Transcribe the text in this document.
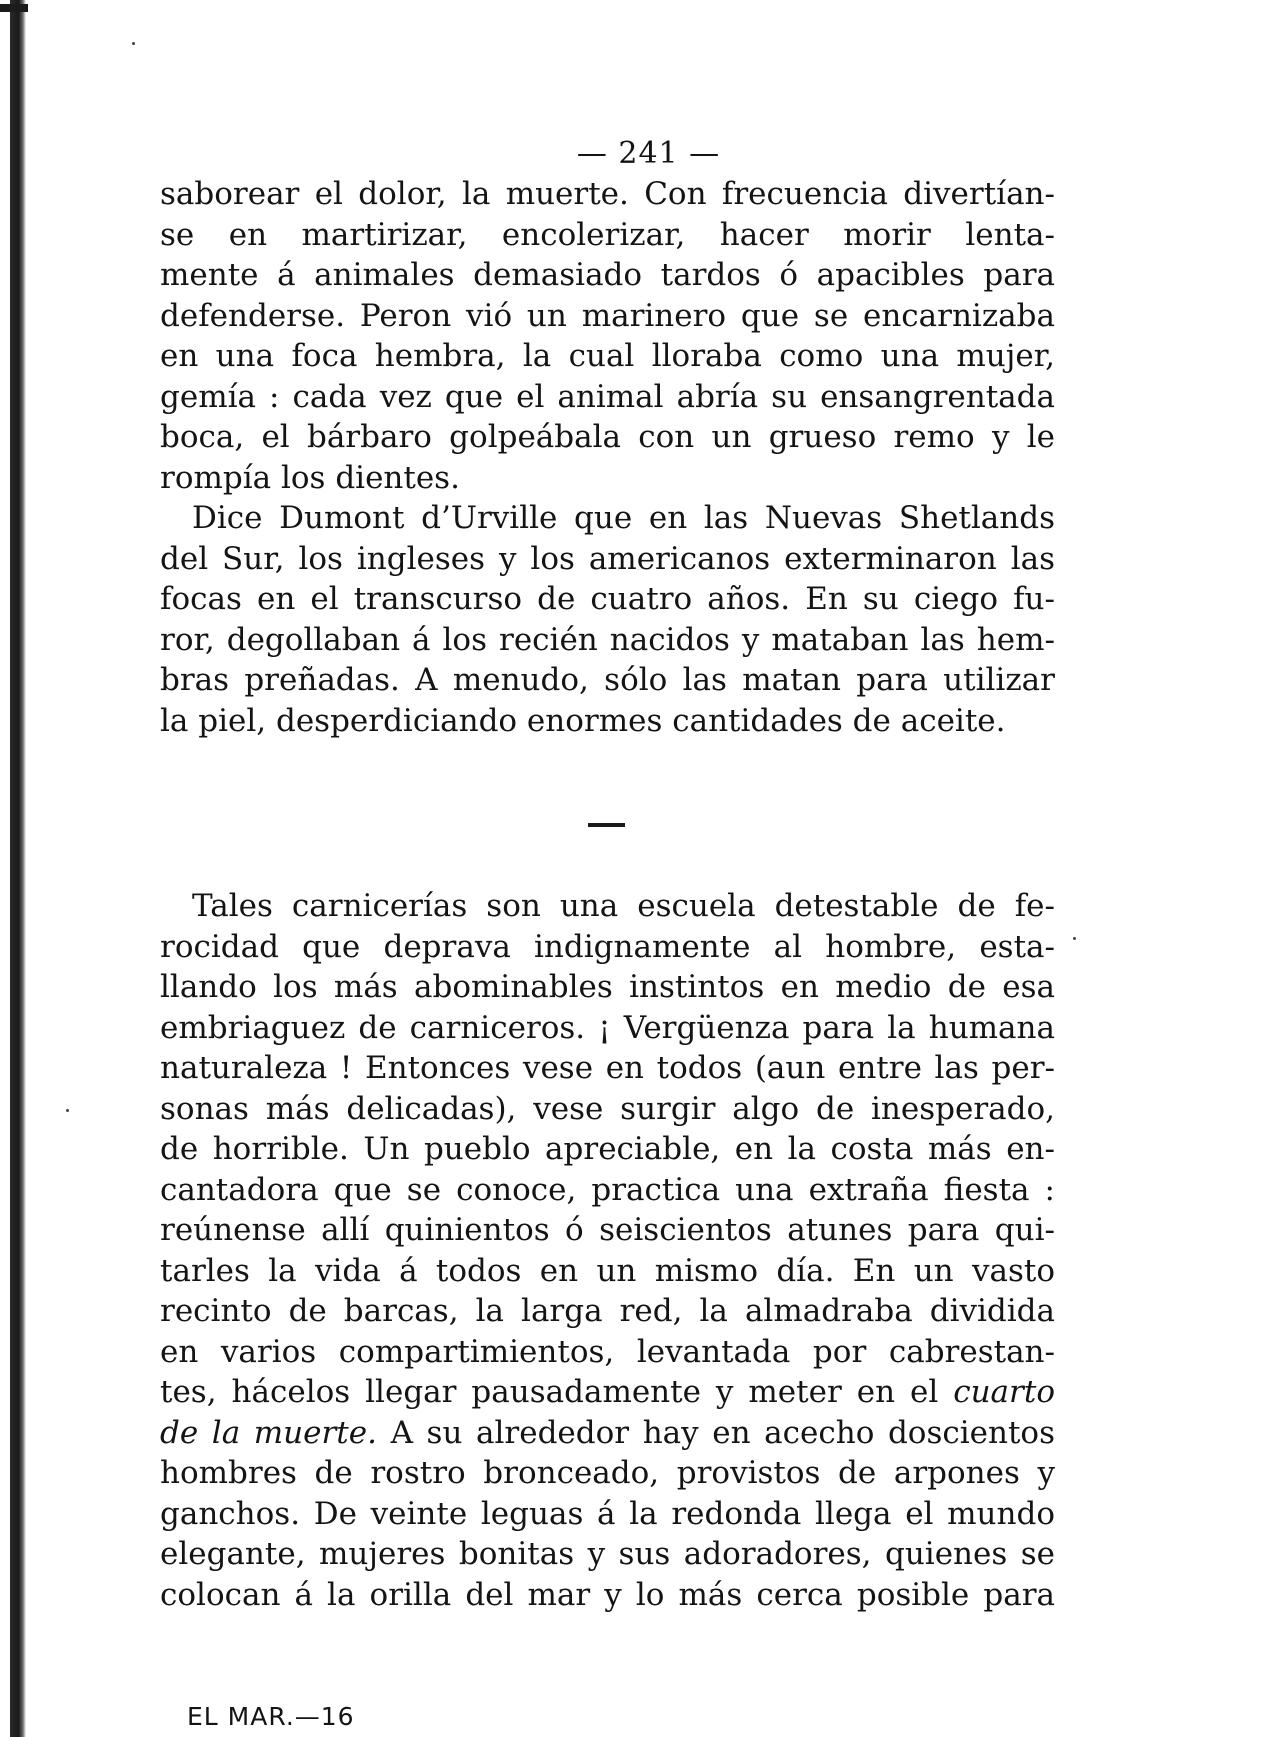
— 241 —
saborear el dolor, la muerte. Con frecuencia divertían-
se en martirizar, encolerizar, hacer morir lenta-
mente á animales demasiado tardos ó apacibles para
defenderse. Peron vió un marinero que se encarnizaba
en una foca hembra, la cual lloraba como una mujer,
gemía : cada vez que el animal abría su ensangrentada
boca, el bárbaro golpeábala con un grueso remo y le
rompía los dientes.
Dice Dumont d’Urville que en las Nuevas Shetlands
del Sur, los ingleses y los americanos exterminaron las
focas en el transcurso de cuatro años. En su ciego fu-
ror, degollaban á los recién nacidos y mataban las hem-
bras preñadas. A menudo, sólo las matan para utilizar
la piel, desperdiciando enormes cantidades de aceite.
Tales carnicerías son una escuela detestable de fe-
rocidad que deprava indignamente al hombre, esta-
llando los más abominables instintos en medio de esa
embriaguez de carniceros. ¡ Vergüenza para la humana
naturaleza ! Entonces vese en todos (aun entre las per-
sonas más delicadas), vese surgir algo de inesperado,
de horrible. Un pueblo apreciable, en la costa más en-
cantadora que se conoce, practica una extraña fiesta :
reúnense allí quinientos ó seiscientos atunes para qui-
tarles la vida á todos en un mismo día. En un vasto
recinto de barcas, la larga red, la almadraba dividida
en varios compartimientos, levantada por cabrestan-
tes, hácelos llegar pausadamente y meter en el cuarto
de la muerte. A su alrededor hay en acecho doscientos
hombres de rostro bronceado, provistos de arpones y
ganchos. De veinte leguas á la redonda llega el mundo
elegante, mujeres bonitas y sus adoradores, quienes se
colocan á la orilla del mar y lo más cerca posible para
EL MAR.—16
